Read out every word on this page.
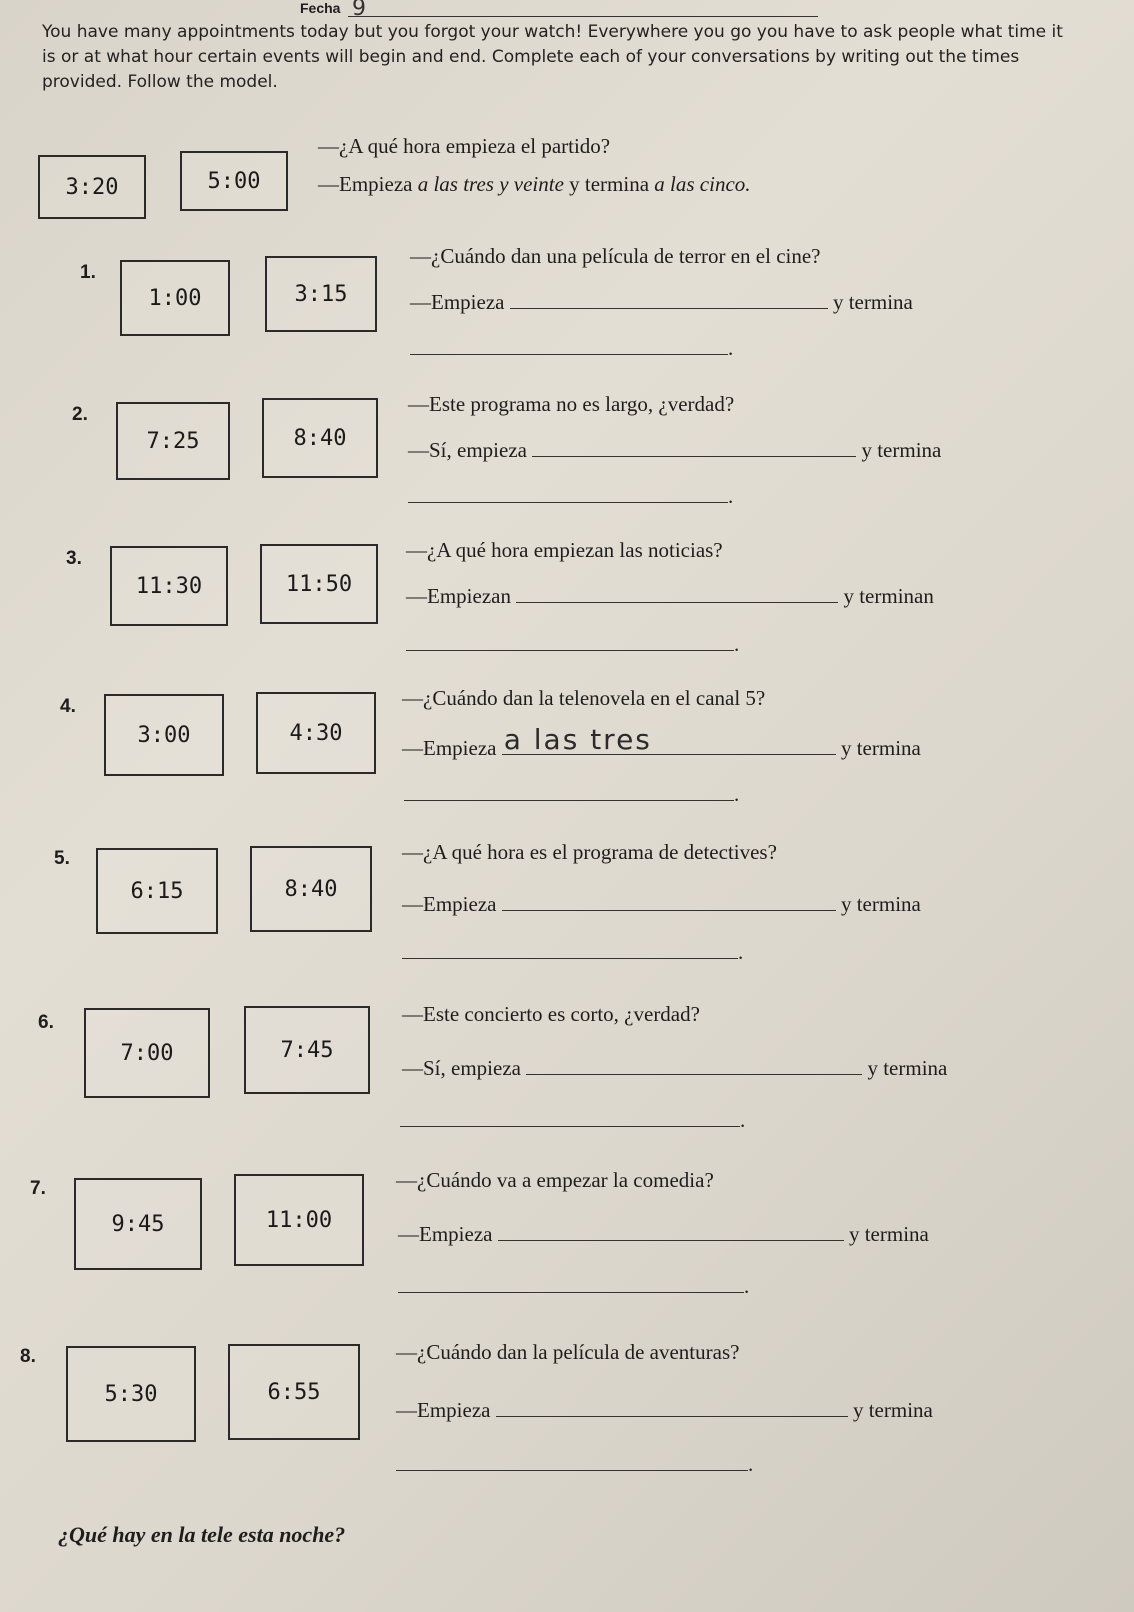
Fecha 9
You have many appointments today but you forgot your watch! Everywhere you go you have to ask people what time it is or at what hour certain events will begin and end. Complete each of your conversations by writing out the times provided. Follow the model.
3:20	5:00
—¿A qué hora empieza el partido?
—Empieza a las tres y veinte y termina a las cinco.
1.
1:00	3:15
—¿Cuándo dan una película de terror en el cine?
—Empieza	y termina
.
2.
7:25	8:40
—Este programa no es largo, ¿verdad?
—Sí, empieza	y termina
.
3.
11:30	11:50
—¿A qué hora empiezan las noticias?
—Empiezan	y terminan
.
4.
3:00	4:30
—¿Cuándo dan la telenovela en el canal 5?
—Empieza a las tres	y termina
.
5.
6:15	8:40
—¿A qué hora es el programa de detectives?
—Empieza	y termina
.
6.
7:00	7:45
—Este concierto es corto, ¿verdad?
—Sí, empieza	y termina
.
7.
9:45	11:00
—¿Cuándo va a empezar la comedia?
—Empieza	y termina
.
8.
5:30	6:55
—¿Cuándo dan la película de aventuras?
—Empieza	y termina
.
¿Qué hay en la tele esta noche?
